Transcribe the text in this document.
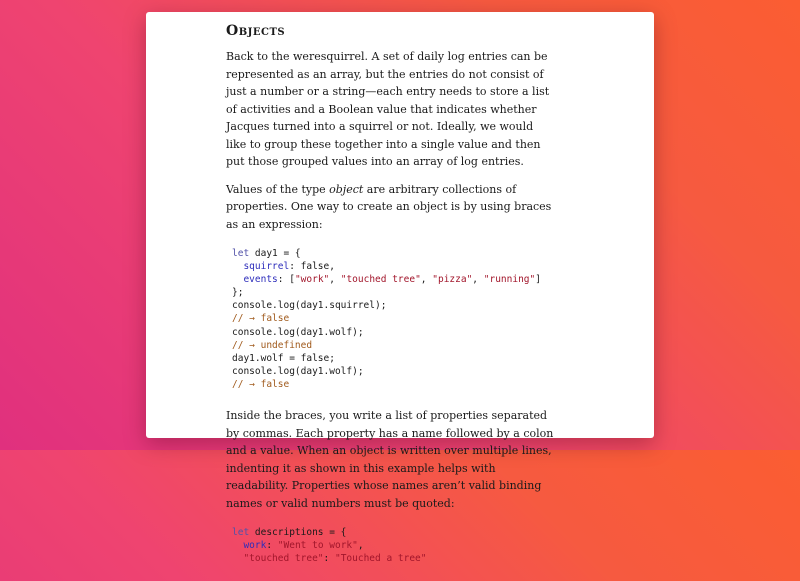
Objects

Back to the weresquirrel. A set of daily log entries can be represented as an array, but the entries do not consist of just a number or a string—each entry needs to store a list of activities and a Boolean value that indicates whether Jacques turned into a squirrel or not. Ideally, we would like to group these together into a single value and then put those grouped values into an array of log entries.

Values of the type object are arbitrary collections of properties. One way to create an object is by using braces as an expression:

let day1 = {
squirrel: false,
events: ["work", "touched tree", "pizza", "running"]
};
console.log(day1.squirrel);
// → false
console.log(day1.wolf);
// → undefined
day1.wolf = false;
console.log(day1.wolf);
// → false

Inside the braces, you write a list of properties separated by commas. Each property has a name followed by a colon and a value. When an object is written over multiple lines, indenting it as shown in this example helps with readability. Properties whose names aren’t valid binding names or valid numbers must be quoted:

let descriptions = {
work: "Went to work",
"touched tree": "Touched a tree"
